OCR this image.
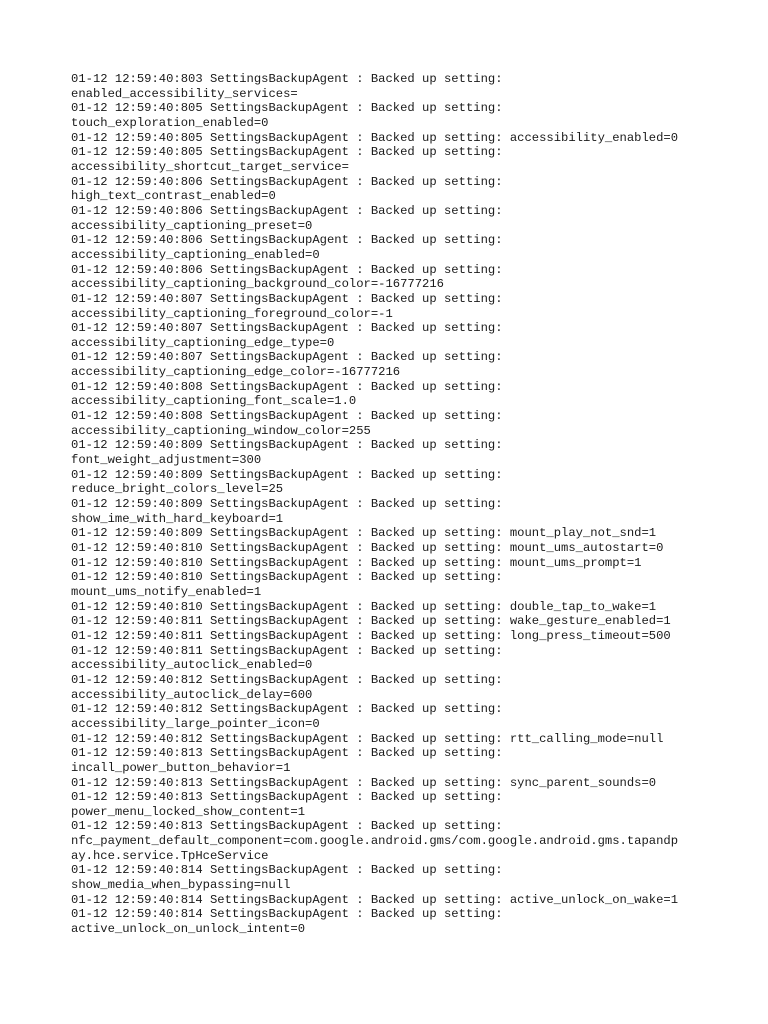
01-12 12:59:40:803 SettingsBackupAgent : Backed up setting:
enabled_accessibility_services=
01-12 12:59:40:805 SettingsBackupAgent : Backed up setting:
touch_exploration_enabled=0
01-12 12:59:40:805 SettingsBackupAgent : Backed up setting: accessibility_enabled=0
01-12 12:59:40:805 SettingsBackupAgent : Backed up setting:
accessibility_shortcut_target_service=
01-12 12:59:40:806 SettingsBackupAgent : Backed up setting:
high_text_contrast_enabled=0
01-12 12:59:40:806 SettingsBackupAgent : Backed up setting:
accessibility_captioning_preset=0
01-12 12:59:40:806 SettingsBackupAgent : Backed up setting:
accessibility_captioning_enabled=0
01-12 12:59:40:806 SettingsBackupAgent : Backed up setting:
accessibility_captioning_background_color=-16777216
01-12 12:59:40:807 SettingsBackupAgent : Backed up setting:
accessibility_captioning_foreground_color=-1
01-12 12:59:40:807 SettingsBackupAgent : Backed up setting:
accessibility_captioning_edge_type=0
01-12 12:59:40:807 SettingsBackupAgent : Backed up setting:
accessibility_captioning_edge_color=-16777216
01-12 12:59:40:808 SettingsBackupAgent : Backed up setting:
accessibility_captioning_font_scale=1.0
01-12 12:59:40:808 SettingsBackupAgent : Backed up setting:
accessibility_captioning_window_color=255
01-12 12:59:40:809 SettingsBackupAgent : Backed up setting:
font_weight_adjustment=300
01-12 12:59:40:809 SettingsBackupAgent : Backed up setting:
reduce_bright_colors_level=25
01-12 12:59:40:809 SettingsBackupAgent : Backed up setting:
show_ime_with_hard_keyboard=1
01-12 12:59:40:809 SettingsBackupAgent : Backed up setting: mount_play_not_snd=1
01-12 12:59:40:810 SettingsBackupAgent : Backed up setting: mount_ums_autostart=0
01-12 12:59:40:810 SettingsBackupAgent : Backed up setting: mount_ums_prompt=1
01-12 12:59:40:810 SettingsBackupAgent : Backed up setting:
mount_ums_notify_enabled=1
01-12 12:59:40:810 SettingsBackupAgent : Backed up setting: double_tap_to_wake=1
01-12 12:59:40:811 SettingsBackupAgent : Backed up setting: wake_gesture_enabled=1
01-12 12:59:40:811 SettingsBackupAgent : Backed up setting: long_press_timeout=500
01-12 12:59:40:811 SettingsBackupAgent : Backed up setting:
accessibility_autoclick_enabled=0
01-12 12:59:40:812 SettingsBackupAgent : Backed up setting:
accessibility_autoclick_delay=600
01-12 12:59:40:812 SettingsBackupAgent : Backed up setting:
accessibility_large_pointer_icon=0
01-12 12:59:40:812 SettingsBackupAgent : Backed up setting: rtt_calling_mode=null
01-12 12:59:40:813 SettingsBackupAgent : Backed up setting:
incall_power_button_behavior=1
01-12 12:59:40:813 SettingsBackupAgent : Backed up setting: sync_parent_sounds=0
01-12 12:59:40:813 SettingsBackupAgent : Backed up setting:
power_menu_locked_show_content=1
01-12 12:59:40:813 SettingsBackupAgent : Backed up setting:
nfc_payment_default_component=com.google.android.gms/com.google.android.gms.tapandp
ay.hce.service.TpHceService
01-12 12:59:40:814 SettingsBackupAgent : Backed up setting:
show_media_when_bypassing=null
01-12 12:59:40:814 SettingsBackupAgent : Backed up setting: active_unlock_on_wake=1
01-12 12:59:40:814 SettingsBackupAgent : Backed up setting:
active_unlock_on_unlock_intent=0
